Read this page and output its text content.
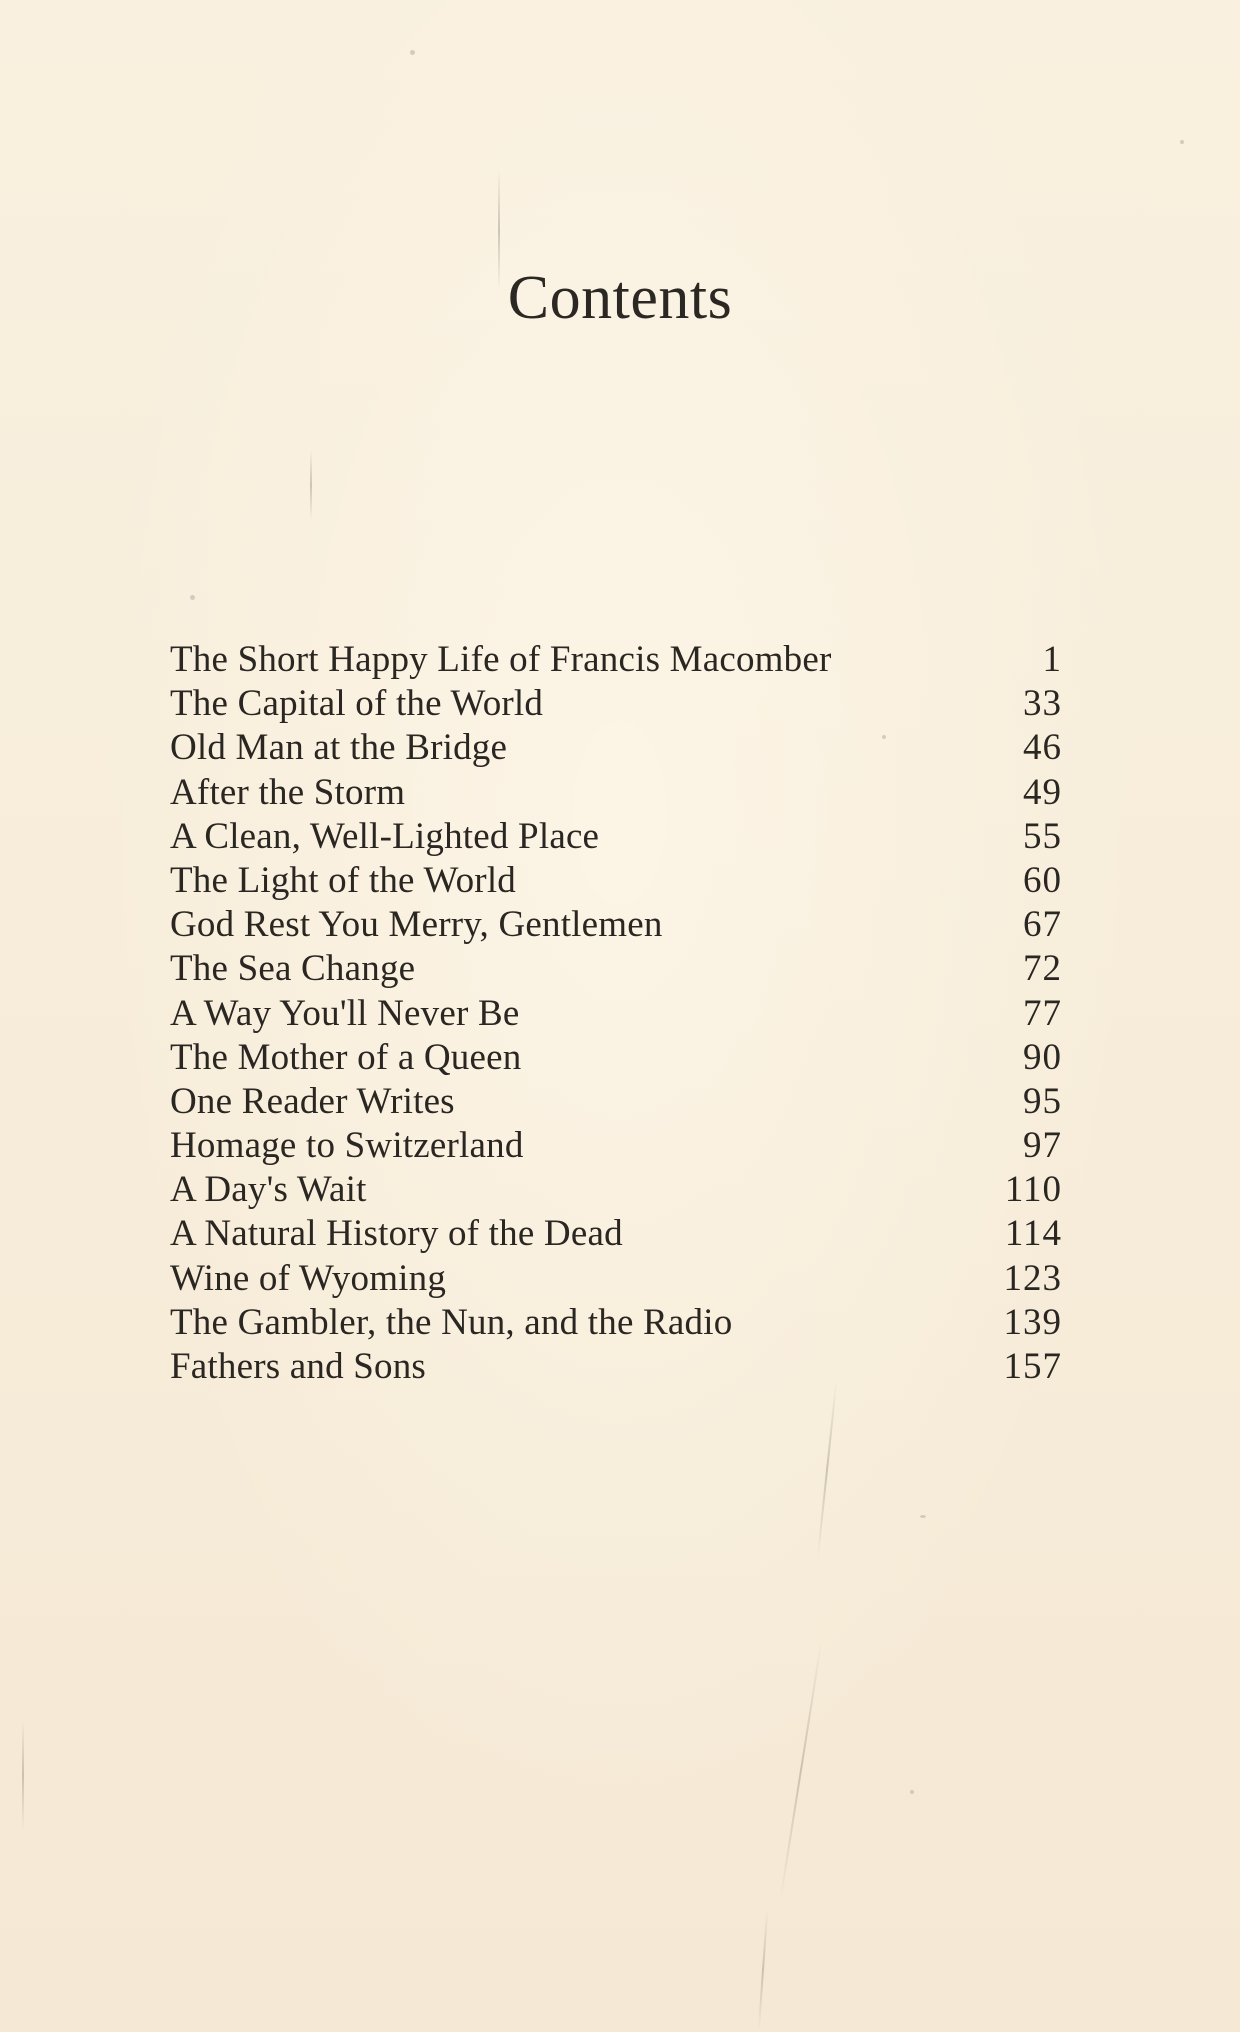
Contents
The Short Happy Life of Francis Macomber	1
The Capital of the World	33
Old Man at the Bridge	46
After the Storm	49
A Clean, Well-Lighted Place	55
The Light of the World	60
God Rest You Merry, Gentlemen	67
The Sea Change	72
A Way You'll Never Be	77
The Mother of a Queen	90
One Reader Writes	95
Homage to Switzerland	97
A Day's Wait	110
A Natural History of the Dead	114
Wine of Wyoming	123
The Gambler, the Nun, and the Radio	139
Fathers and Sons	157
